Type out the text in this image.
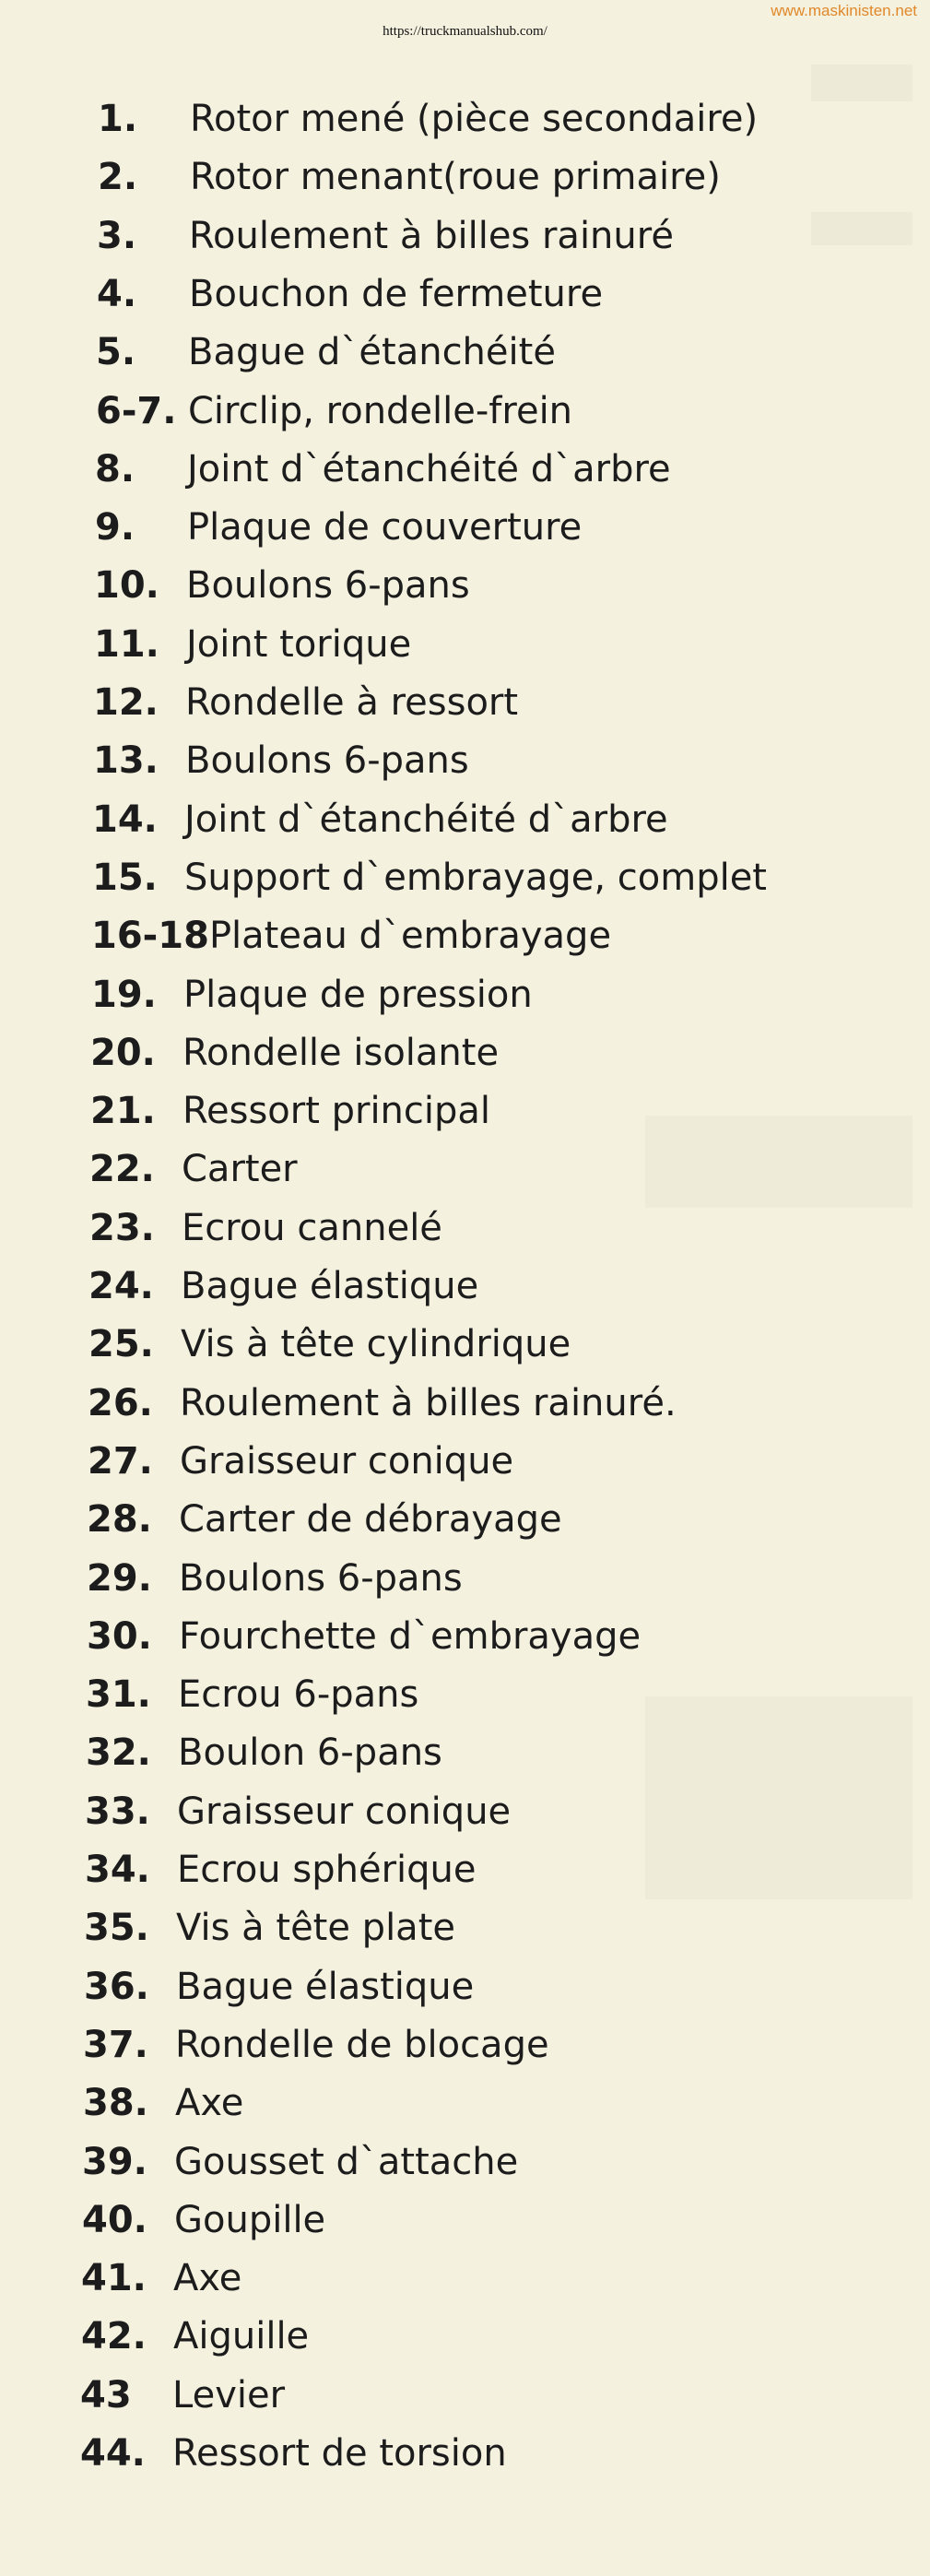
www.maskinisten.net
https://truckmanualshub.com/
1. Rotor mené (pièce secondaire)
2. Rotor menant(roue primaire)
3. Roulement à billes rainuré
4. Bouchon de fermeture
5. Bague d`étanchéité
6-7. Circlip, rondelle-frein
8. Joint d`étanchéité d`arbre
9. Plaque de couverture
10. Boulons 6-pans
11. Joint torique
12. Rondelle à ressort
13. Boulons 6-pans
14. Joint d`étanchéité d`arbre
15. Support d`embrayage, complet
16-18Plateau d`embrayage
19. Plaque de pression
20. Rondelle isolante
21. Ressort principal
22. Carter
23. Ecrou cannelé
24. Bague élastique
25. Vis à tête cylindrique
26. Roulement à billes rainuré.
27. Graisseur conique
28. Carter de débrayage
29. Boulons 6-pans
30. Fourchette d`embrayage
31. Ecrou 6-pans
32. Boulon 6-pans
33. Graisseur conique
34. Ecrou sphérique
35. Vis à tête plate
36. Bague élastique
37. Rondelle de blocage
38. Axe
39. Gousset d`attache
40. Goupille
41. Axe
42. Aiguille
43 Levier
44. Ressort de torsion
